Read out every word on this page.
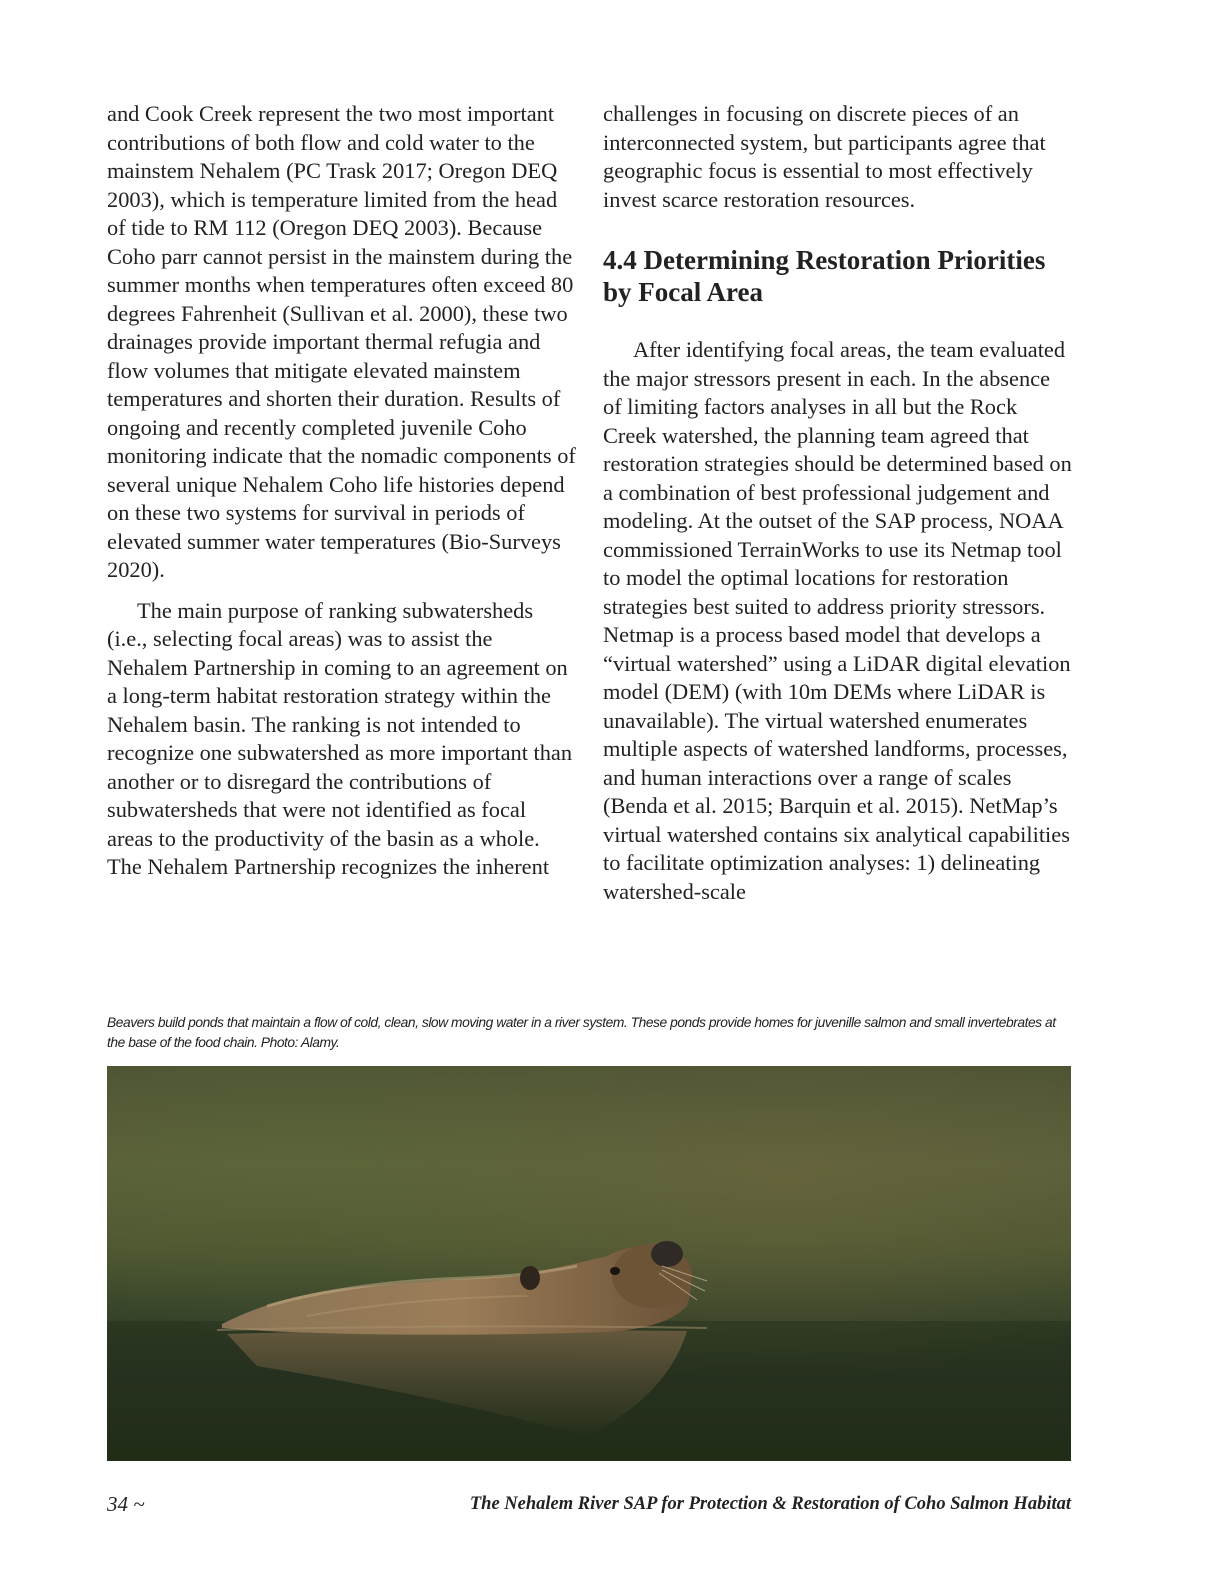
and Cook Creek represent the two most important contributions of both flow and cold water to the mainstem Nehalem (PC Trask 2017; Oregon DEQ 2003), which is temperature limited from the head of tide to RM 112 (Oregon DEQ 2003). Because Coho parr cannot persist in the mainstem during the summer months when temperatures often exceed 80 degrees Fahrenheit (Sullivan et al. 2000), these two drainages provide important thermal refugia and flow volumes that mitigate elevated mainstem temperatures and shorten their duration. Results of ongoing and recently completed juvenile Coho monitoring indicate that the nomadic components of several unique Nehalem Coho life histories depend on these two systems for survival in periods of elevated summer water temperatures (Bio-Surveys 2020).

The main purpose of ranking subwatersheds (i.e., selecting focal areas) was to assist the Nehalem Partnership in coming to an agreement on a long-term habitat restoration strategy within the Nehalem basin. The ranking is not intended to recognize one subwatershed as more important than another or to disregard the contributions of subwatersheds that were not identified as focal areas to the productivity of the basin as a whole. The Nehalem Partnership recognizes the inherent

challenges in focusing on discrete pieces of an interconnected system, but participants agree that geographic focus is essential to most effectively invest scarce restoration resources.

4.4 Determining Restoration Priorities by Focal Area

After identifying focal areas, the team evaluated the major stressors present in each. In the absence of limiting factors analyses in all but the Rock Creek watershed, the planning team agreed that restoration strategies should be determined based on a combination of best professional judgement and modeling. At the outset of the SAP process, NOAA commissioned TerrainWorks to use its Netmap tool to model the optimal locations for restoration strategies best suited to address priority stressors. Netmap is a process based model that develops a “virtual watershed” using a LiDAR digital elevation model (DEM) (with 10m DEMs where LiDAR is unavailable). The virtual watershed enumerates multiple aspects of watershed landforms, processes, and human interactions over a range of scales (Benda et al. 2015; Barquin et al. 2015). NetMap’s virtual watershed contains six analytical capabilities to facilitate optimization analyses: 1) delineating watershed-scale

Beavers build ponds that maintain a flow of cold, clean, slow moving water in a river system. These ponds provide homes for juvenille salmon and small invertebrates at the base of the food chain. Photo: Alamy.
34 ~	The Nehalem River SAP for Protection & Restoration of Coho Salmon Habitat
